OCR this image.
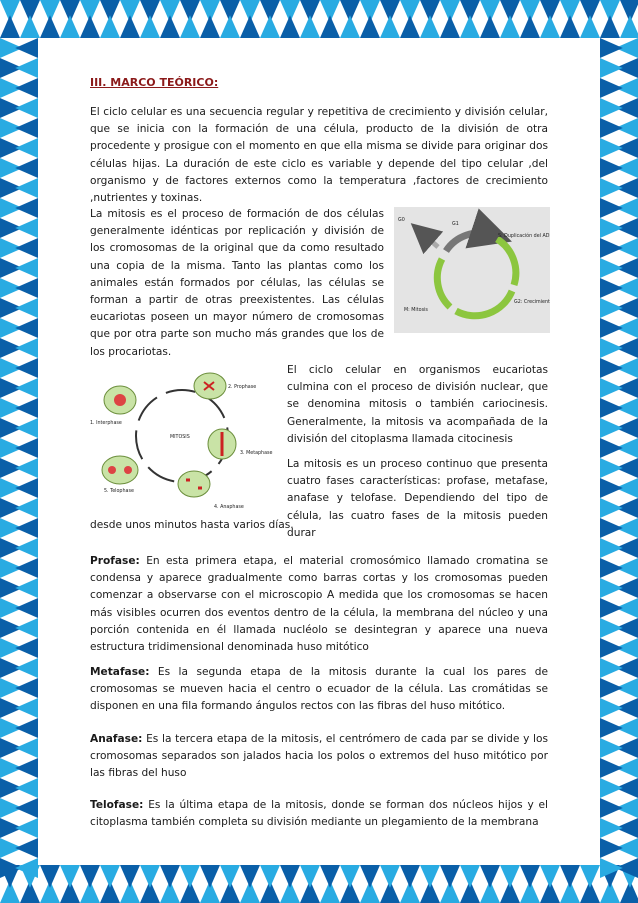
III. MARCO TEÓRICO:

El ciclo celular es una secuencia regular y repetitiva de crecimiento y división celular, que se inicia con la formación de una célula, producto de la división de otra procedente y prosigue con el momento en que ella misma se divide para originar dos células hijas. La duración de este ciclo es variable y depende del tipo celular ,del organismo y de factores externos como la temperatura ,factores de crecimiento ,nutrientes y toxinas.

La mitosis es el proceso de formación de dos células generalmente idénticas por replicación y división de los cromosomas de la original que da como resultado una copia de la misma. Tanto las plantas como los animales están formados por células, las células se forman a partir de otras preexistentes. Las células eucariotas poseen un mayor número de cromosomas que por otra parte son mucho más grandes que los de los procariotas.

G0
G1
S: Duplicación del ADN
G2: Crecimiento
M: Mitosis
MITOSIS
1. Interphase
2. Prophase
3. Metaphase
4. Anaphase
5. Telophase

El ciclo celular en organismos eucariotas culmina con el proceso de división nuclear, que se denomina mitosis o también cariocinesis. Generalmente, la mitosis va acompañada de la división del citoplasma llamada citocinesis

La mitosis es un proceso continuo que presenta cuatro fases características: profase, metafase, anafase y telofase. Dependiendo del tipo de célula, las cuatro fases de la mitosis pueden durar

desde unos minutos hasta varios días.

Profase: En esta primera etapa, el material cromosómico llamado cromatina se condensa y aparece gradualmente como barras cortas y los cromosomas pueden comenzar a observarse con el microscopio A medida que los cromosomas se hacen más visibles ocurren dos eventos dentro de la célula, la membrana del núcleo y una porción contenida en él llamada nucléolo se desintegran y aparece una nueva estructura tridimensional denominada huso mitótico

Metafase: Es la segunda etapa de la mitosis durante la cual los pares de cromosomas se mueven hacia el centro o ecuador de la célula. Las cromátidas se disponen en una fila formando ángulos rectos con las fibras del huso mitótico.

Anafase: Es la tercera etapa de la mitosis, el centrómero de cada par se divide y los cromosomas separados son jalados hacia los polos o extremos del huso mitótico por las fibras del huso

Telofase: Es la última etapa de la mitosis, donde se forman dos núcleos hijos y el citoplasma también completa su división mediante un plegamiento de la membrana
